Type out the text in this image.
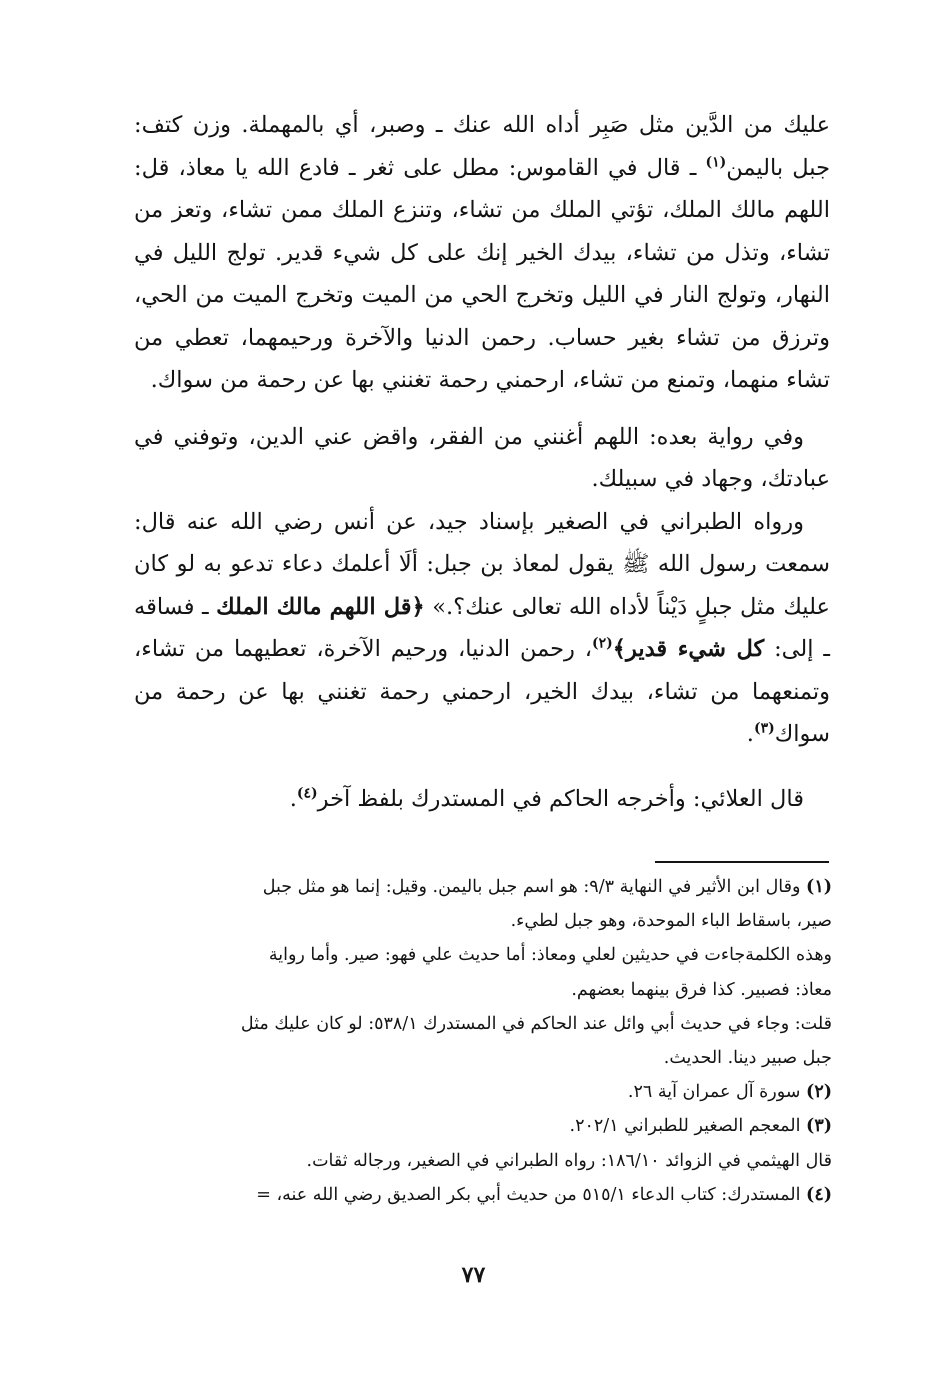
عليك من الدَّين مثل صَبِر أداه الله عنك ـ وصبر، أي بالمهملة. وزن كتف: جبل باليمن$^{(١)}$ ـ قال في القاموس: مطل على ثغر ـ فادع الله يا معاذ، قل: اللهم مالك الملك، تؤتي الملك من تشاء، وتنزع الملك ممن تشاء، وتعز من تشاء، وتذل من تشاء، بيدك الخير إنك على كل شيء قدير. تولج الليل في النهار، وتولج النار في الليل وتخرج الحي من الميت وتخرج الميت من الحي، وترزق من تشاء بغير حساب. رحمن الدنيا والآخرة ورحيمهما، تعطي من تشاء منهما، وتمنع من تشاء، ارحمني رحمة تغنني بها عن رحمة من سواك.

وفي رواية بعده: اللهم أغنني من الفقر، واقض عني الدين، وتوفني في عبادتك، وجهاد في سبيلك.

ورواه الطبراني في الصغير بإسناد جيد، عن أنس رضي الله عنه قال: سمعت رسول الله ﷺ يقول لمعاذ بن جبل: ألَا أعلمك دعاء تدعو به لو كان عليك مثل جبلٍ دَيْناً لأداه الله تعالى عنك؟.» ﴿قل اللهم مالك الملك ـ فساقه ـ إلى: كل شيء قدير﴾$^{(٢)}$، رحمن الدنيا، ورحيم الآخرة، تعطيهما من تشاء، وتمنعهما من تشاء، بيدك الخير، ارحمني رحمة تغنني بها عن رحمة من سواك$^{(٣)}$.

قال العلائي: وأخرجه الحاكم في المستدرك بلفظ آخر$^{(٤)}$.

(١) وقال ابن الأثير في النهاية ٩/٣: هو اسم جبل باليمن. وقيل: إنما هو مثل جبل

صير، باسقاط الباء الموحدة، وهو جبل لطيء.

وهذه الكلمةجاءت في حديثين لعلي ومعاذ: أما حديث علي فهو: صير. وأما رواية

معاذ: فصبير. كذا فرق بينهما بعضهم.

قلت: وجاء في حديث أبي وائل عند الحاكم في المستدرك ٥٣٨/١: لو كان عليك مثل

جبل صبير دينا. الحديث.

(٢) سورة آل عمران آية ٢٦.

(٣) المعجم الصغير للطبراني ٢٠٢/١.

قال الهيثمي في الزوائد ١٨٦/١٠: رواه الطبراني في الصغير، ورجاله ثقات.

(٤) المستدرك: كتاب الدعاء ٥١٥/١ من حديث أبي بكر الصديق رضي الله عنه، =

٧٧
